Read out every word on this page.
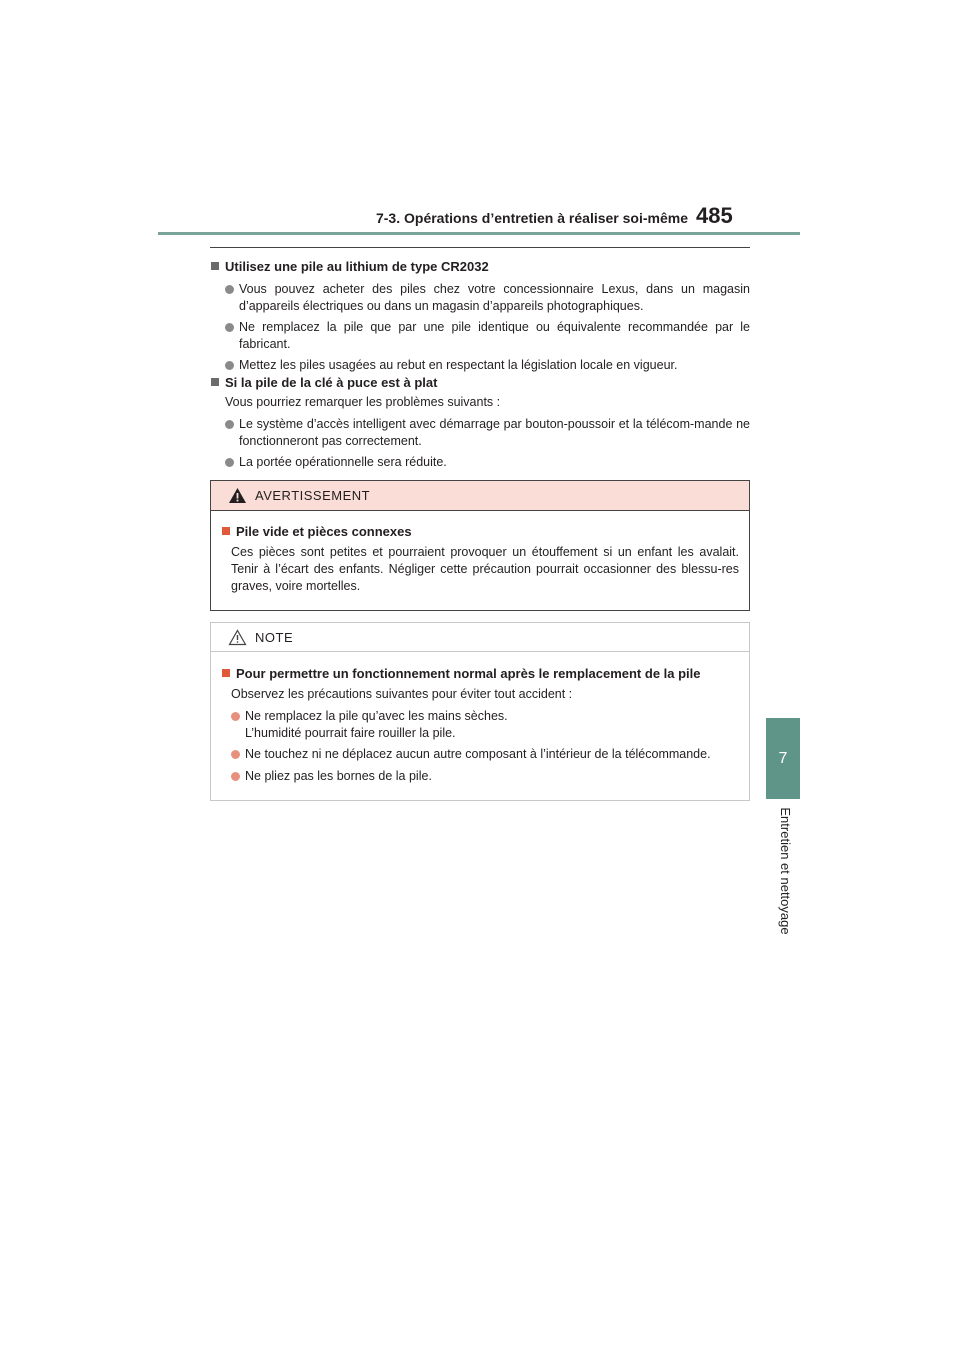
7-3. Opérations d’entretien à réaliser soi-même 485
7
Entretien et nettoyage

Utilisez une pile au lithium de type CR2032

Vous pouvez acheter des piles chez votre concessionnaire Lexus, dans un magasin d’appareils électriques ou dans un magasin d’appareils photographiques.
Ne remplacez la pile que par une pile identique ou équivalente recommandée par le fabricant.
Mettez les piles usagées au rebut en respectant la législation locale en vigueur.

Si la pile de la clé à puce est à plat

Vous pourriez remarquer les problèmes suivants :

Le système d’accès intelligent avec démarrage par bouton-poussoir et la télécom-mande ne fonctionneront pas correctement.
La portée opérationnelle sera réduite.
AVERTISSEMENT

Pile vide et pièces connexes

Ces pièces sont petites et pourraient provoquer un étouffement si un enfant les avalait. Tenir à l’écart des enfants. Négliger cette précaution pourrait occasionner des blessu-res graves, voire mortelles.

NOTE

Pour permettre un fonctionnement normal après le remplacement de la pile

Observez les précautions suivantes pour éviter tout accident :

Ne remplacez la pile qu’avec les mains sèches.
L’humidité pourrait faire rouiller la pile.
Ne touchez ni ne déplacez aucun autre composant à l’intérieur de la télécommande.
Ne pliez pas les bornes de la pile.
